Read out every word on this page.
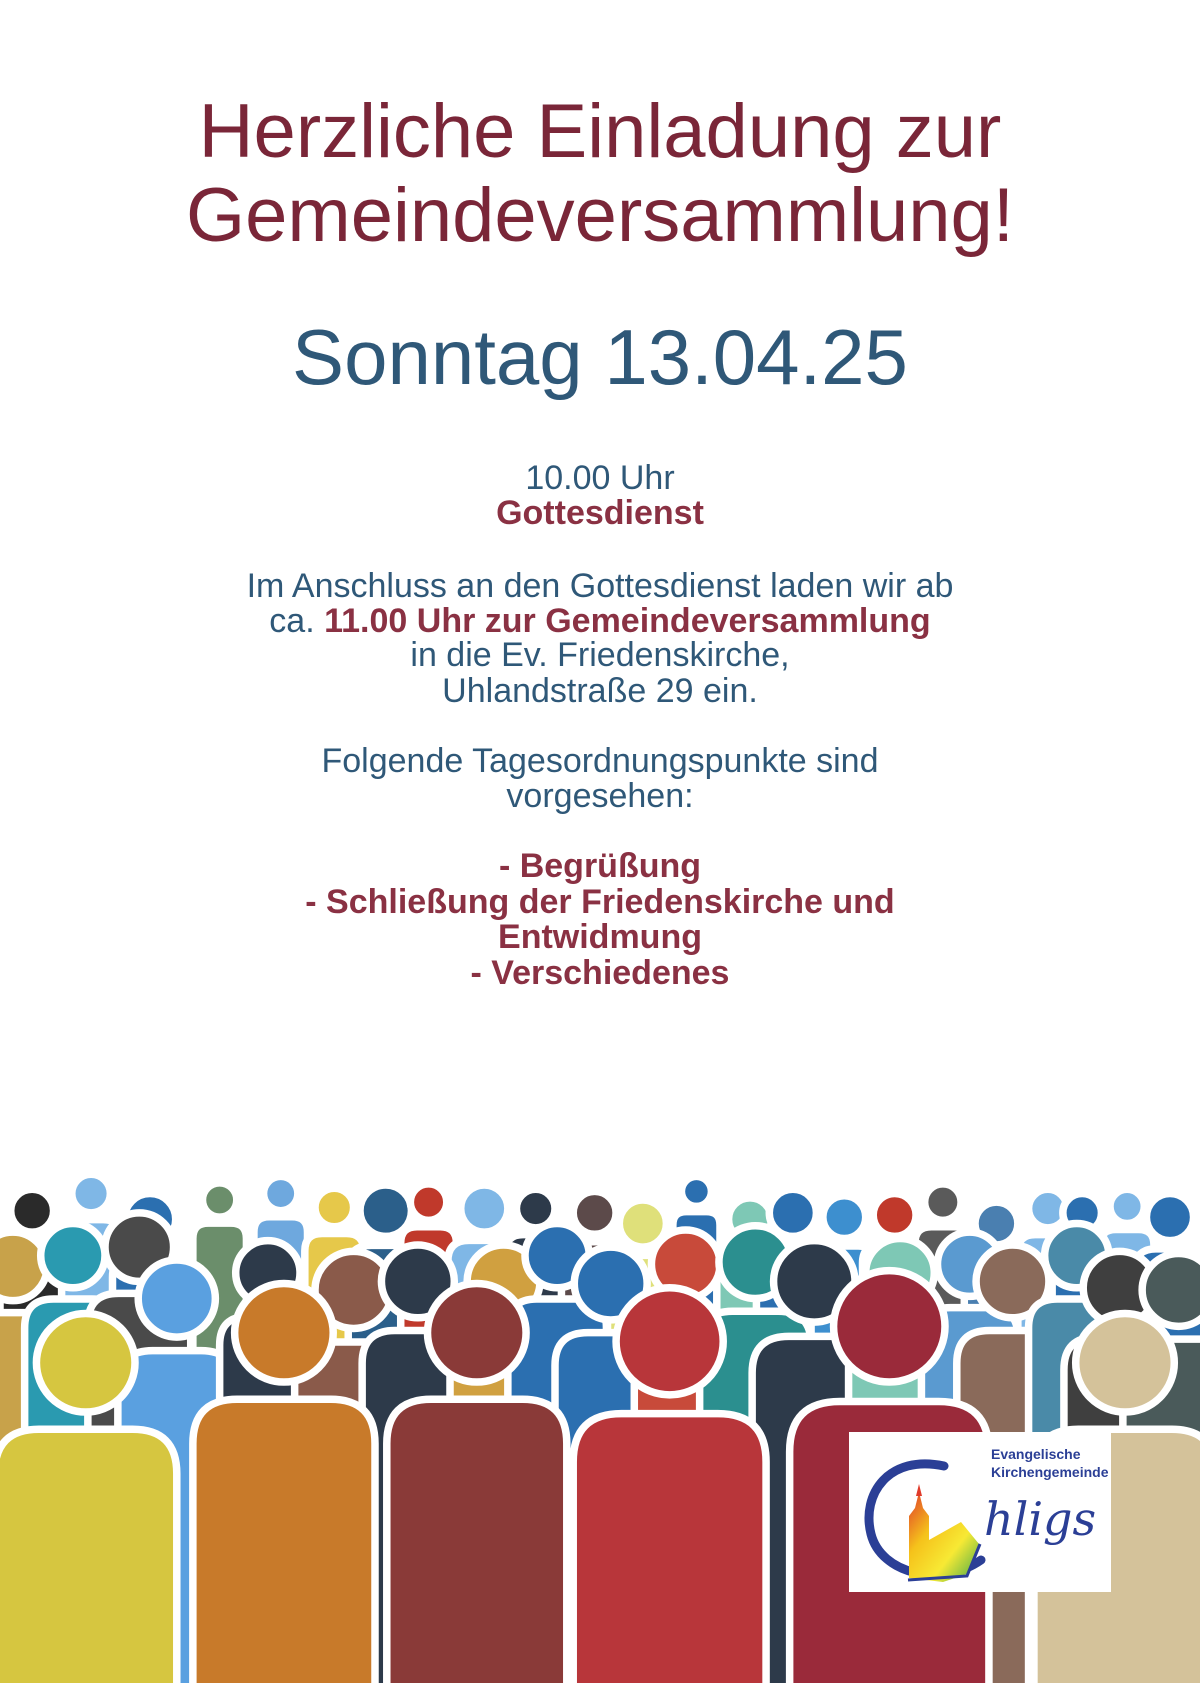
Herzliche Einladung zur
Gemeindeversammlung!
Sonntag 13.04.25

10.00 Uhr

Gottesdienst

Im Anschluss an den Gottesdienst laden wir ab

ca. 11.00 Uhr zur Gemeindeversammlung

in die Ev. Friedenskirche,

Uhlandstraße 29 ein.

Folgende Tagesordnungspunkte sind

vorgesehen:

- Begrüßung

- Schließung der Friedenskirche und

Entwidmung

- Verschiedenes

Evangelische
Kirchengemeinde
hligs
